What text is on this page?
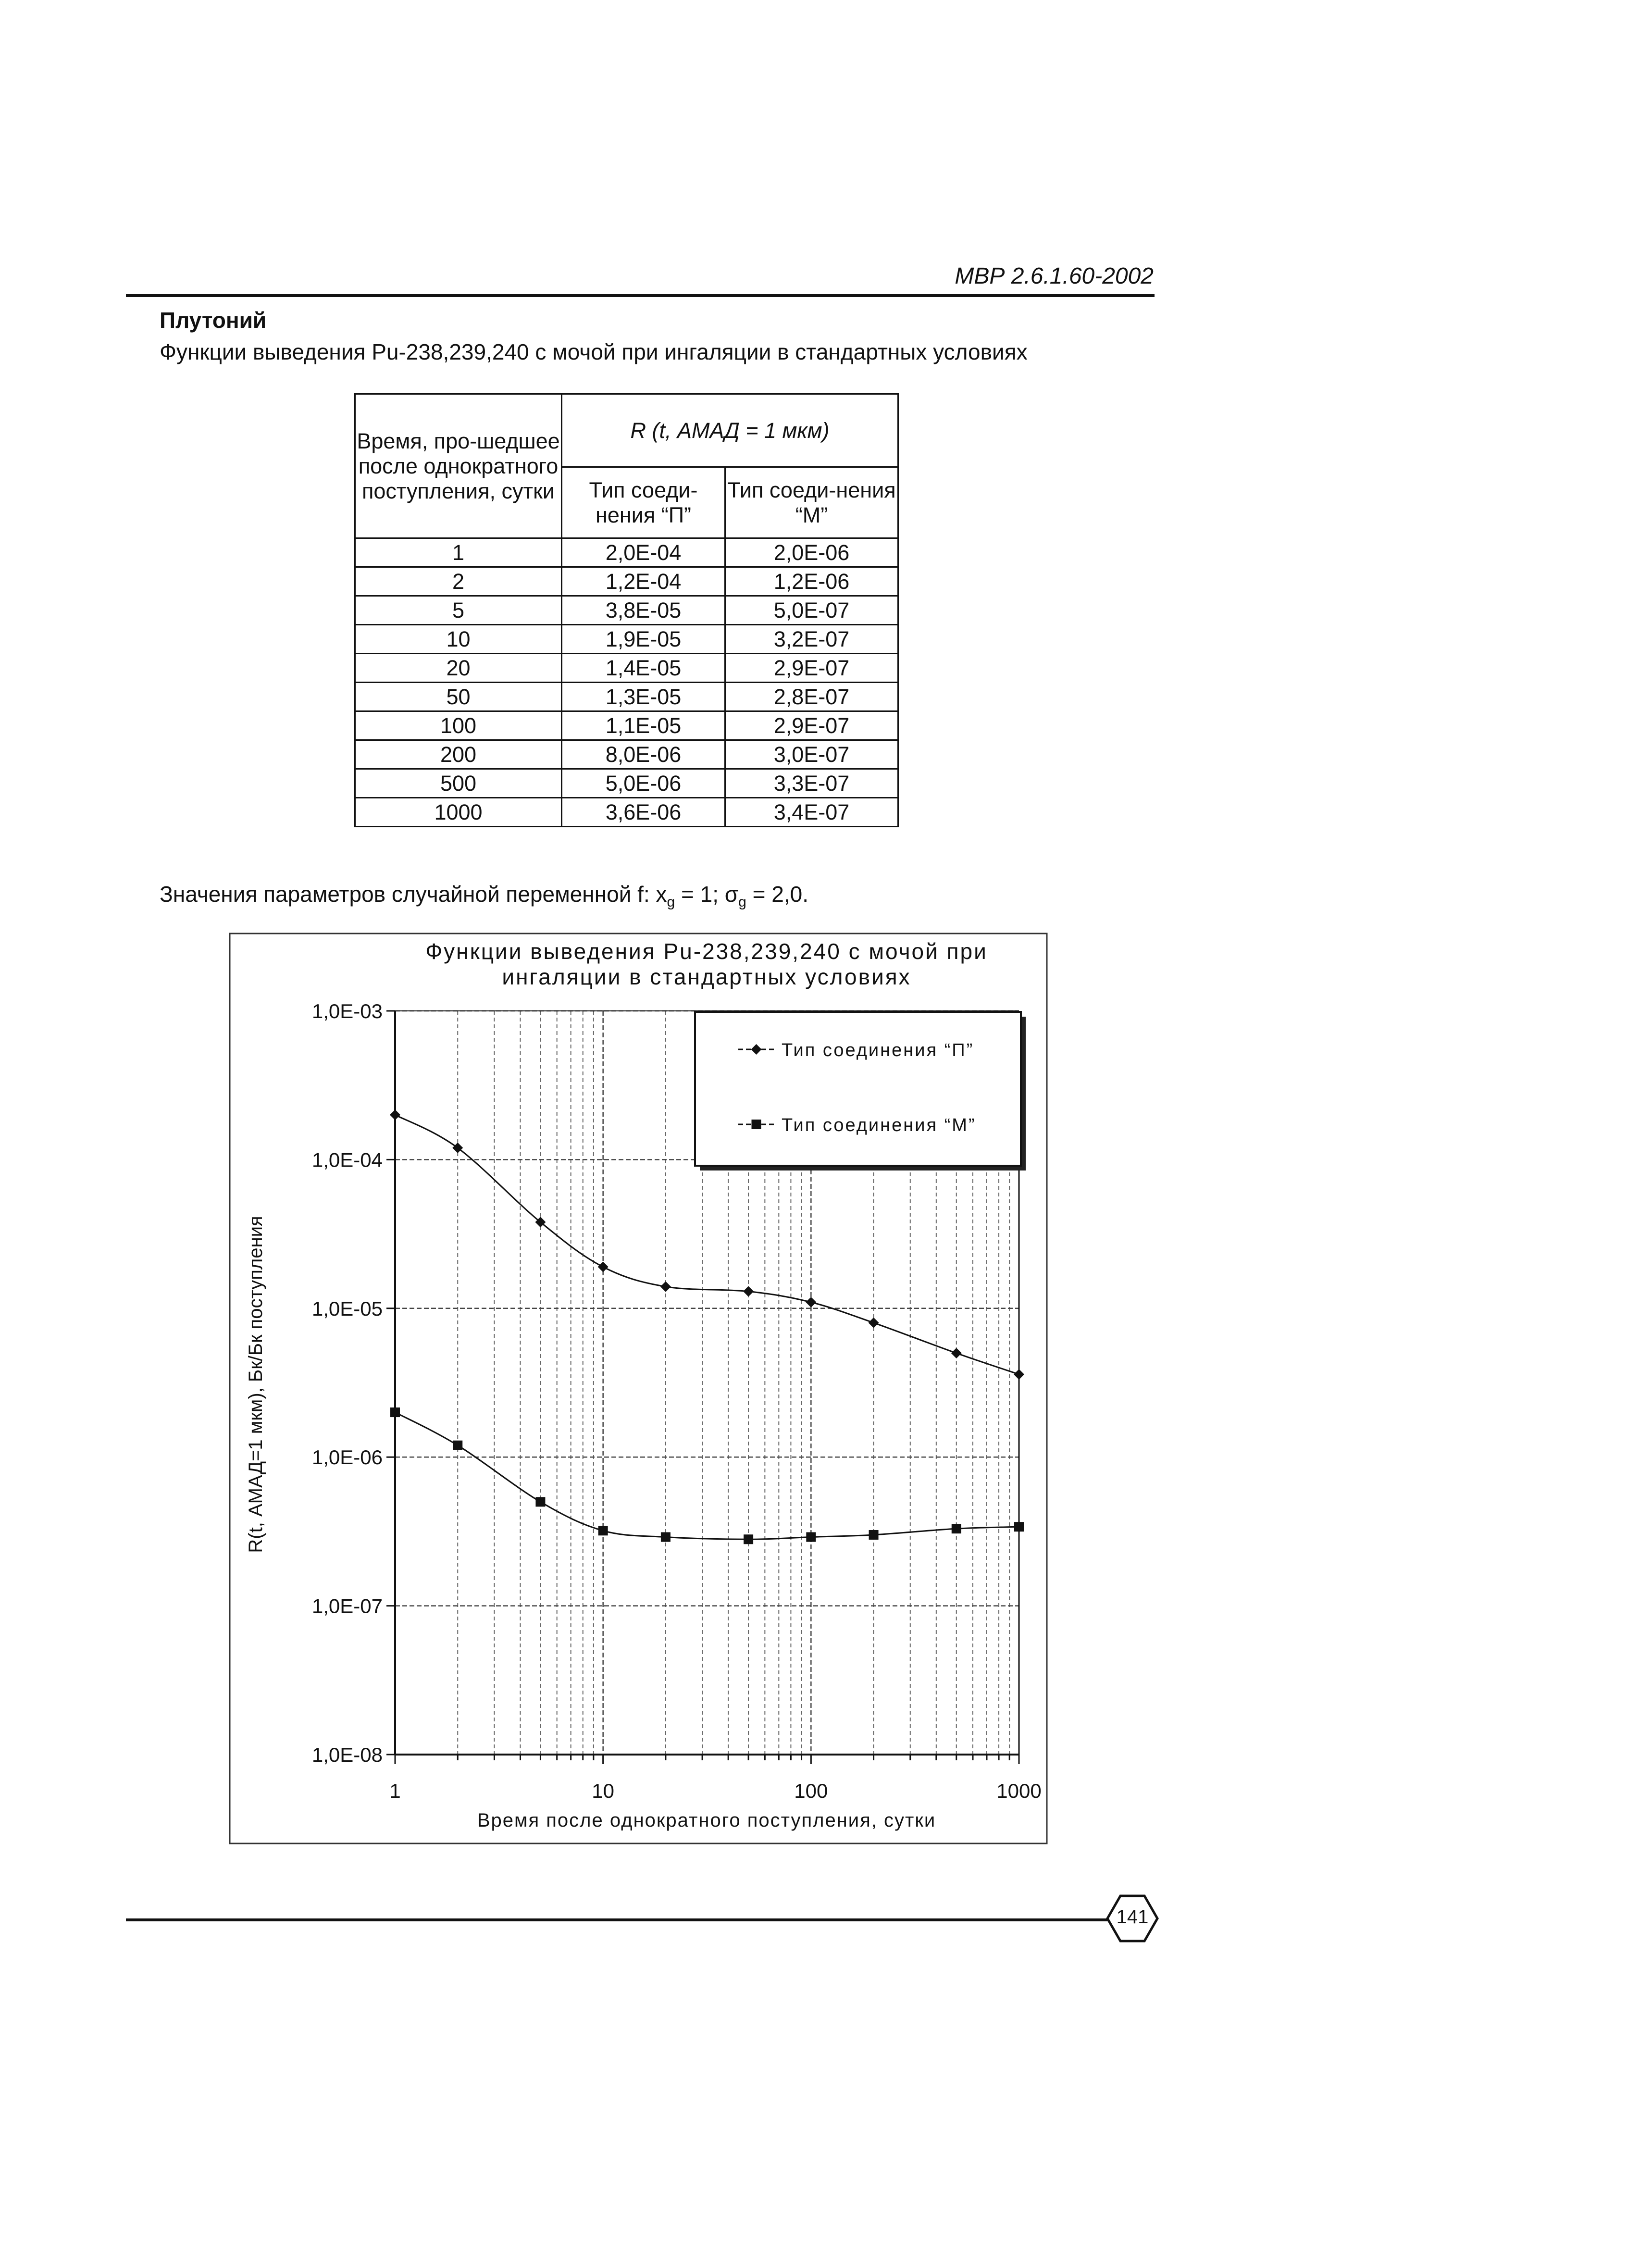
МВР 2.6.1.60-2002
Плутоний
Функции выведения Pu-238,239,240 с мочой при ингаляции в стандартных условиях
Время, про-шедшее после однократного поступления, сутки	R (t, АМАД = 1 мкм)	
	Тип соеди-нения “П”	Тип соеди-нения “М”
1	2,0E-04	2,0E-06
2	1,2E-04	1,2E-06
5	3,8E-05	5,0E-07
10	1,9E-05	3,2E-07
20	1,4E-05	2,9E-07
50	1,3E-05	2,8E-07
100	1,1E-05	2,9E-07
200	8,0E-06	3,0E-07
500	5,0E-06	3,3E-07
1000	3,6E-06	3,4E-07
Значения параметров случайной переменной f: $x_g = 1$; $\sigma_g = 2,0$.
1	10	100	1000
1,0E-08
1,0E-07
1,0E-06
1,0E-05
1,0E-04
1,0E-03
Функции выведения Pu-238,239,240 с мочой при
ингаляции в стандартных условиях
Время после однократного поступления, сутки
R(t, АМАД=1 мкм), Бк/Бк поступления
Тип соединения “П”
Тип соединения “М”
141
